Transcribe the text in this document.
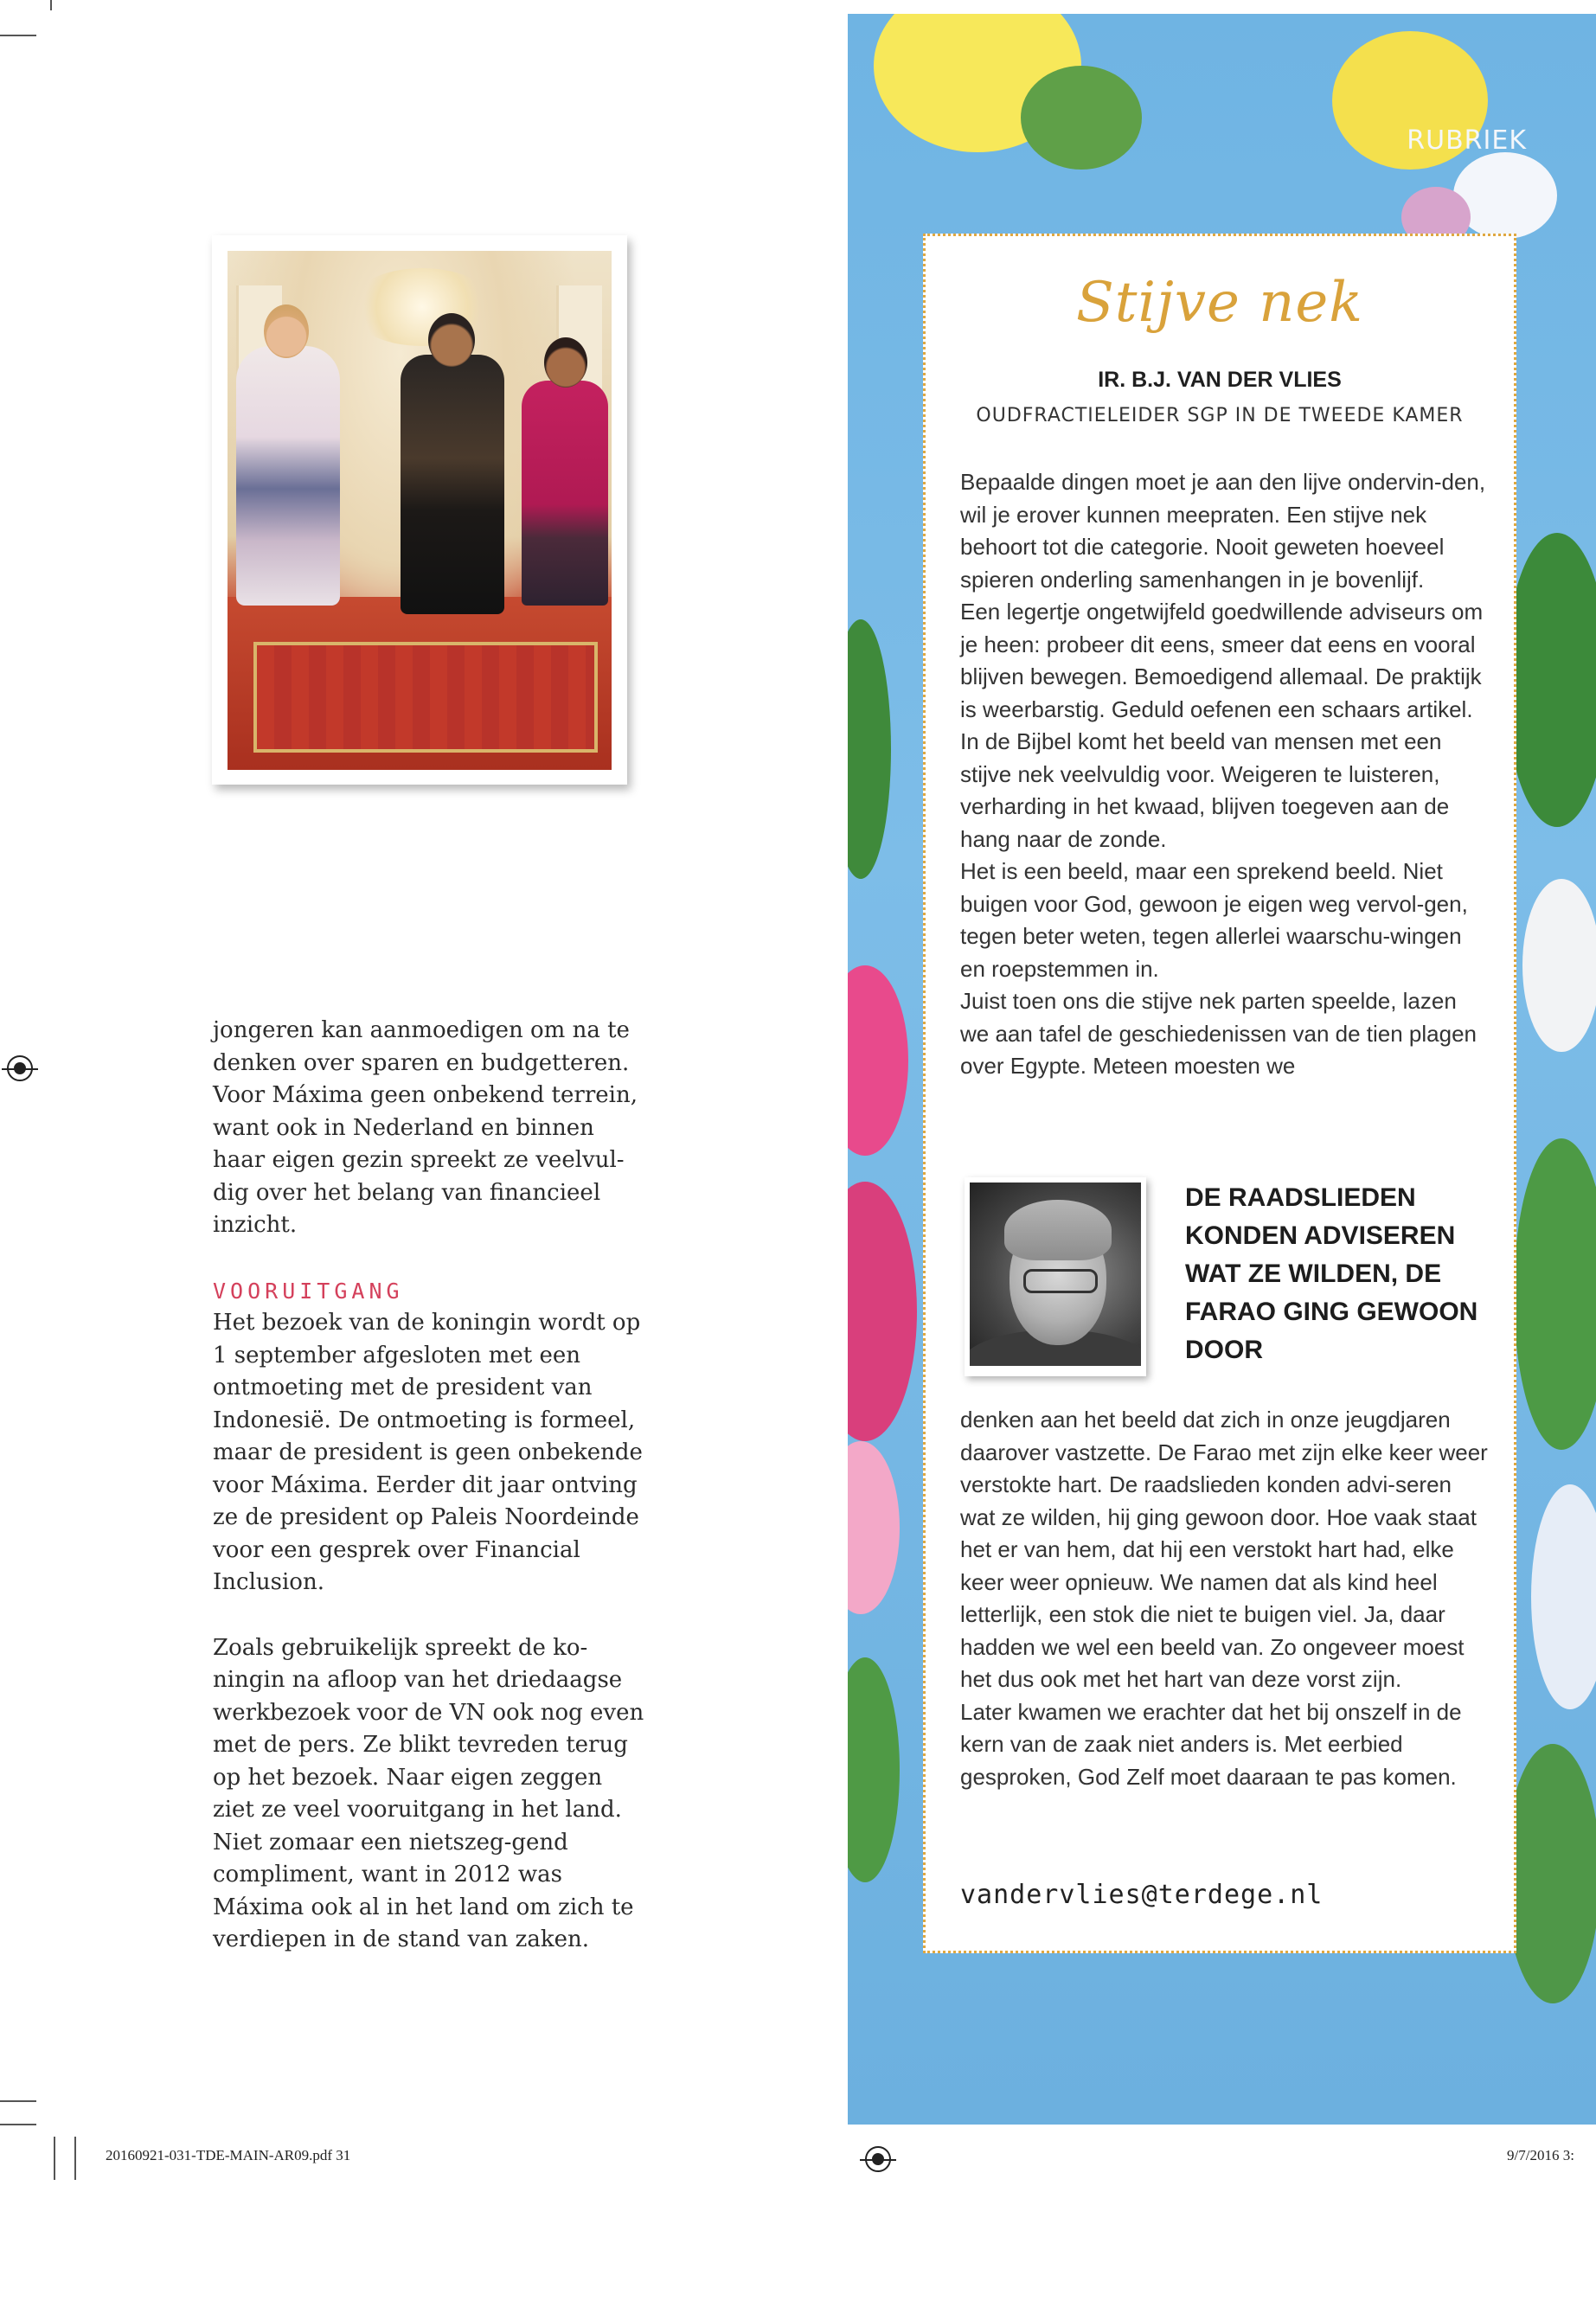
jongeren kan aanmoedigen om na te denken over sparen en budgetteren. Voor Máxima geen onbekend terrein, want ook in Nederland en binnen haar eigen gezin spreekt ze veelvul-dig over het belang van financieel inzicht.

VOORUITGANG

Het bezoek van de koningin wordt op 1 september afgesloten met een ontmoeting met de president van Indonesië. De ontmoeting is formeel, maar de president is geen onbekende voor Máxima. Eerder dit jaar ontving ze de president op Paleis Noordeinde voor een gesprek over Financial Inclusion.

Zoals gebruikelijk spreekt de ko-ningin na afloop van het driedaagse werkbezoek voor de VN ook nog even met de pers. Ze blikt tevreden terug op het bezoek. Naar eigen zeggen ziet ze veel vooruitgang in het land. Niet zomaar een nietszeg-gend compliment, want in 2012 was Máxima ook al in het land om zich te verdiepen in de stand van zaken.

RUBRIEK
Stijve nek
IR. B.J. VAN DER VLIES
OUDFRACTIELEIDER SGP IN DE TWEEDE KAMER

Bepaalde dingen moet je aan den lijve ondervin-den, wil je erover kunnen meepraten. Een stijve nek behoort tot die categorie. Nooit geweten hoeveel spieren onderling samenhangen in je bovenlijf.

Een legertje ongetwijfeld goedwillende adviseurs om je heen: probeer dit eens, smeer dat eens en vooral blijven bewegen. Bemoedigend allemaal. De praktijk is weerbarstig. Geduld oefenen een schaars artikel.

In de Bijbel komt het beeld van mensen met een stijve nek veelvuldig voor. Weigeren te luisteren, verharding in het kwaad, blijven toegeven aan de hang naar de zonde.

Het is een beeld, maar een sprekend beeld. Niet buigen voor God, gewoon je eigen weg vervol-gen, tegen beter weten, tegen allerlei waarschu-wingen en roepstemmen in.

Juist toen ons die stijve nek parten speelde, lazen we aan tafel de geschiedenissen van de tien plagen over Egypte. Meteen moesten we

DE RAADSLIEDEN KONDEN ADVISEREN WAT ZE WILDEN, DE FARAO GING GEWOON DOOR

denken aan het beeld dat zich in onze jeugdjaren daarover vastzette. De Farao met zijn elke keer weer verstokte hart. De raadslieden konden advi-seren wat ze wilden, hij ging gewoon door. Hoe vaak staat het er van hem, dat hij een verstokt hart had, elke keer weer opnieuw. We namen dat als kind heel letterlijk, een stok die niet te buigen viel. Ja, daar hadden we wel een beeld van. Zo ongeveer moest het dus ook met het hart van deze vorst zijn.

Later kwamen we erachter dat het bij onszelf in de kern van de zaak niet anders is. Met eerbied gesproken, God Zelf moet daaraan te pas komen.

vandervlies@terdege.nl
20160921-031-TDE-MAIN-AR09.pdf 31	9/7/2016 3:
